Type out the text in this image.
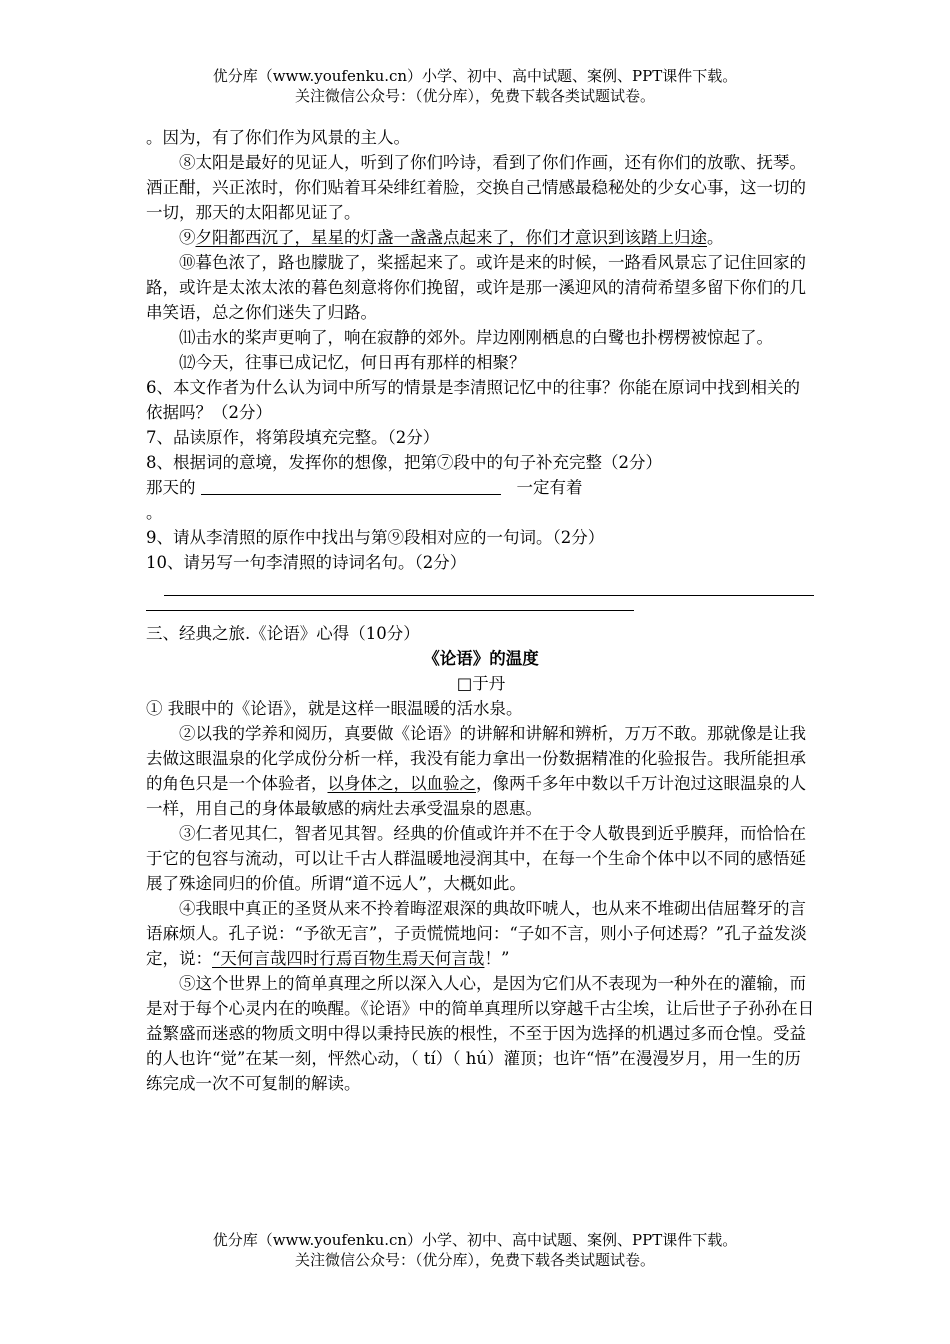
优分库（www.youfenku.cn）小学、初中、高中试题、案例、PPT课件下载。

关注微信公众号：（优分库），免费下载各类试题试卷。

。因为，有了你们作为风景的主人。

⑧太阳是最好的见证人，听到了你们吟诗，看到了你们作画，还有你们的放歌、抚琴。酒正酣，兴正浓时，你们贴着耳朵绯红着脸，交换自己情感最稳秘处的少女心事，这一切的一切，那天的太阳都见证了。

⑨夕阳都西沉了，星星的灯盏一盏盏点起来了，你们才意识到该踏上归途。

⑩暮色浓了，路也朦胧了，桨摇起来了。或许是来的时候，一路看风景忘了记住回家的路，或许是太浓太浓的暮色刻意将你们挽留，或许是那一溪迎风的清荷希望多留下你们的几串笑语，总之你们迷失了归路。

⑾击水的桨声更响了，响在寂静的郊外。岸边刚刚栖息的白鹭也扑楞楞被惊起了。

⑿今天，往事已成记忆，何日再有那样的相聚？

6、本文作者为什么认为词中所写的情景是李清照记忆中的往事？你能在原词中找到相关的依据吗？（2分）

7、品读原作，将第段填充完整。（2分）

8、根据词的意境，发挥你的想像，把第⑦段中的句子补充完整（2分）

那天的	一定有着

。

9、请从李清照的原作中找出与第⑨段相对应的一句词。（2分）

10、请另写一句李清照的诗词名句。（2分）

三、经典之旅.《论语》心得（10分）

《论语》的温度

□于丹

① 我眼中的《论语》，就是这样一眼温暖的活水泉。

②以我的学养和阅历，真要做《论语》的讲解和讲解和辨析，万万不敢。那就像是让我去做这眼温泉的化学成份分析一样，我没有能力拿出一份数据精准的化验报告。我所能担承的角色只是一个体验者，以身体之，以血验之，像两千多年中数以千万计泡过这眼温泉的人一样，用自己的身体最敏感的病灶去承受温泉的恩惠。

③仁者见其仁，智者见其智。经典的价值或许并不在于令人敬畏到近乎膜拜，而恰恰在于它的包容与流动，可以让千古人群温暖地浸润其中，在每一个生命个体中以不同的感悟延展了殊途同归的价值。所谓“道不远人”，大概如此。

④我眼中真正的圣贤从来不拎着晦涩艰深的典故吓唬人，也从来不堆砌出佶屈聱牙的言语麻烦人。孔子说：“予欲无言”，子贡慌慌地问：“子如不言，则小子何述焉？”孔子益发淡定，说：“天何言哉四时行焉百物生焉天何言哉！”

⑤这个世界上的简单真理之所以深入人心，是因为它们从不表现为一种外在的灌输，而是对于每个心灵内在的唤醒。《论语》中的简单真理所以穿越千古尘埃，让后世子子孙孙在日益繁盛而迷惑的物质文明中得以秉持民族的根性，不至于因为选择的机遇过多而仓惶。受益的人也许“觉”在某一刻，怦然心动，（ tí）（ hú）灌顶；也许“悟”在漫漫岁月，用一生的历练完成一次不可复制的解读。

优分库（www.youfenku.cn）小学、初中、高中试题、案例、PPT课件下载。

关注微信公众号：（优分库），免费下载各类试题试卷。
